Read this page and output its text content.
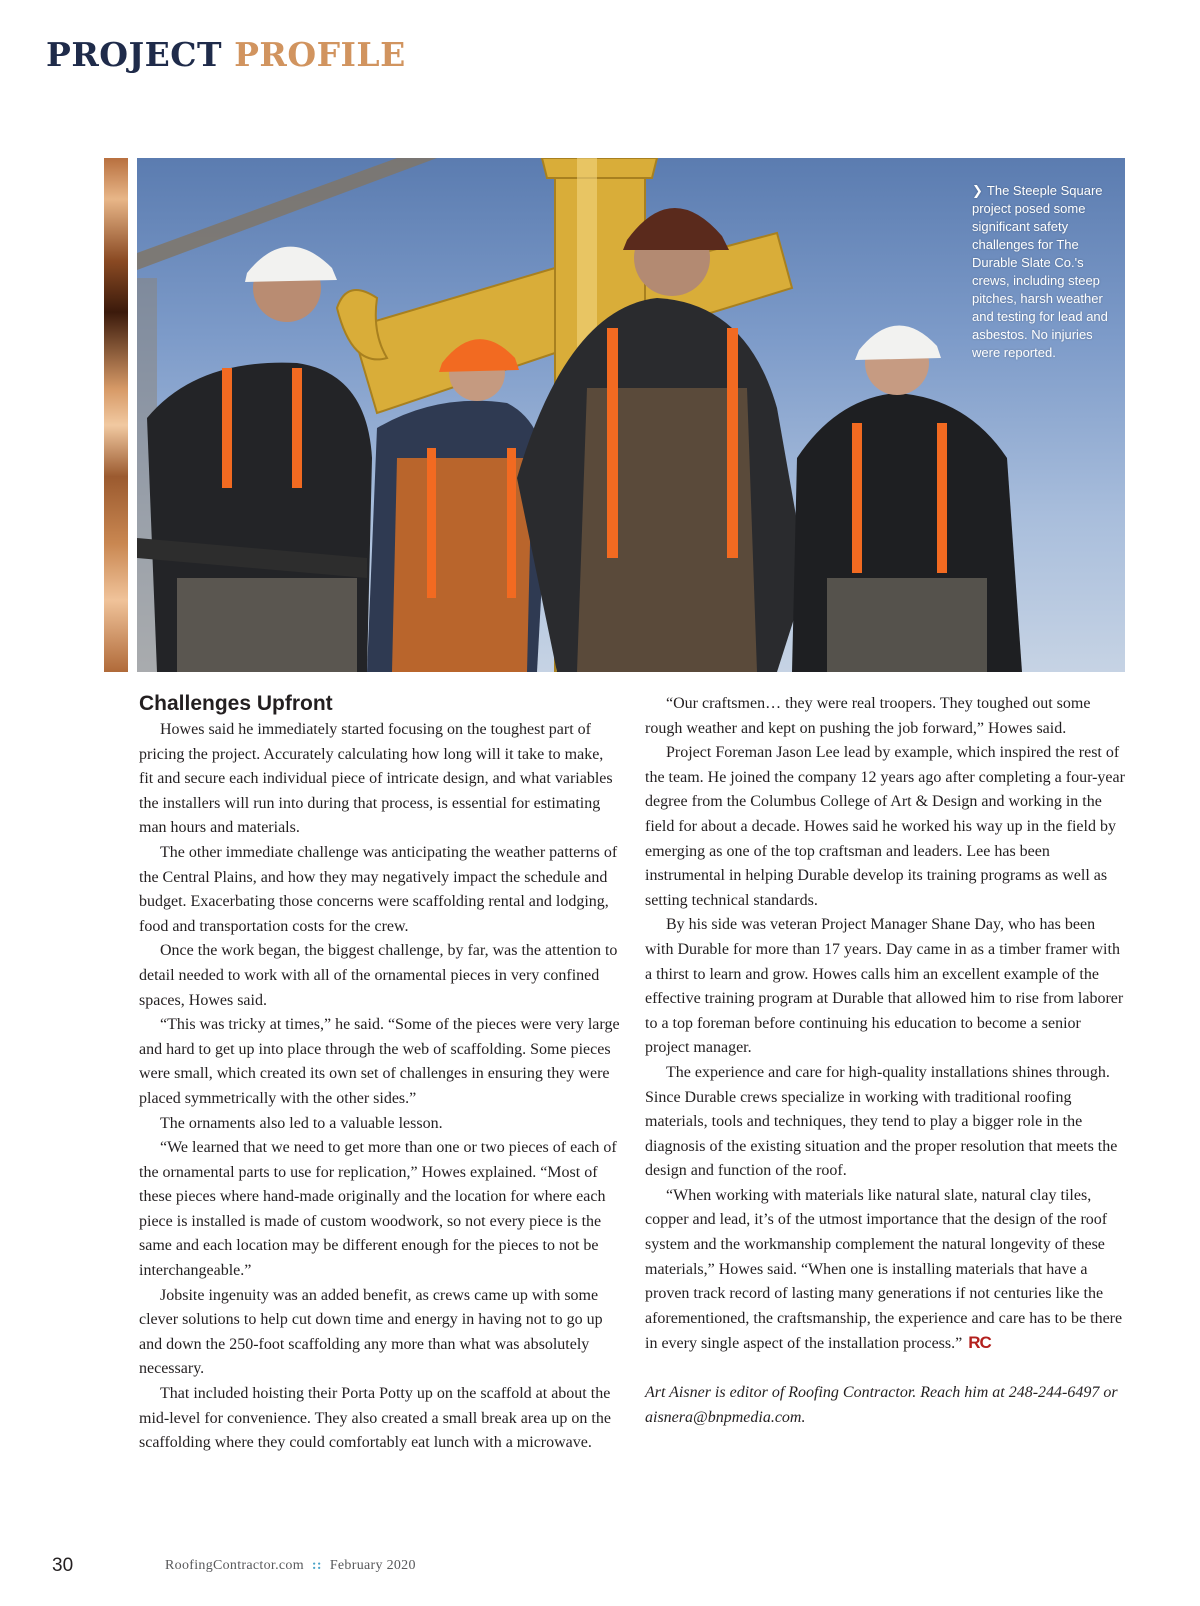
PROJECT PROFILE

❯ The Steeple Square project posed some significant safety challenges for The Durable Slate Co.'s crews, including steep pitches, harsh weather and testing for lead and asbestos. No injuries were reported.

Challenges Upfront

Howes said he immediately started focusing on the toughest part of pricing the project. Accurately calculating how long will it take to make, fit and secure each individual piece of intricate design, and what variables the installers will run into during that process, is essential for estimating man hours and materials.

The other immediate challenge was anticipating the weather patterns of the Central Plains, and how they may negatively impact the schedule and budget. Exacerbating those concerns were scaffolding rental and lodging, food and transportation costs for the crew.

Once the work began, the biggest challenge, by far, was the attention to detail needed to work with all of the ornamental pieces in very confined spaces, Howes said.

“This was tricky at times,” he said. “Some of the pieces were very large and hard to get up into place through the web of scaffolding. Some pieces were small, which created its own set of challenges in ensuring they were placed symmetrically with the other sides.”

The ornaments also led to a valuable lesson.

“We learned that we need to get more than one or two pieces of each of the ornamental parts to use for replication,” Howes explained. “Most of these pieces where hand-made originally and the location for where each piece is installed is made of custom woodwork, so not every piece is the same and each location may be different enough for the pieces to not be interchangeable.”

Jobsite ingenuity was an added benefit, as crews came up with some clever solutions to help cut down time and energy in having not to go up and down the 250-foot scaffolding any more than what was absolutely necessary.

That included hoisting their Porta Potty up on the scaffold at about the mid-level for convenience. They also created a small break area up on the scaffolding where they could comfortably eat lunch with a microwave.

“Our craftsmen… they were real troopers. They toughed out some rough weather and kept on pushing the job forward,” Howes said.

Project Foreman Jason Lee lead by example, which inspired the rest of the team. He joined the company 12 years ago after completing a four-year degree from the Columbus College of Art & Design and working in the field for about a decade. Howes said he worked his way up in the field by emerging as one of the top craftsman and leaders. Lee has been instrumental in helping Durable develop its training programs as well as setting technical standards.

By his side was veteran Project Manager Shane Day, who has been with Durable for more than 17 years. Day came in as a timber framer with a thirst to learn and grow. Howes calls him an excellent example of the effective training program at Durable that allowed him to rise from laborer to a top foreman before continuing his education to become a senior project manager.

The experience and care for high-quality installations shines through. Since Durable crews specialize in working with traditional roofing materials, tools and techniques, they tend to play a bigger role in the diagnosis of the existing situation and the proper resolution that meets the design and function of the roof.

“When working with materials like natural slate, natural clay tiles, copper and lead, it’s of the utmost importance that the design of the roof system and the workmanship complement the natural longevity of these materials,” Howes said. “When one is installing materials that have a proven track record of lasting many generations if not centuries like the aforementioned, the craftsmanship, the experience and care has to be there in every single aspect of the installation process.” RC

Art Aisner is editor of Roofing Contractor. Reach him at 248-244-6497 or aisnera@bnpmedia.com.

30	RoofingContractor.com :: February 2020
